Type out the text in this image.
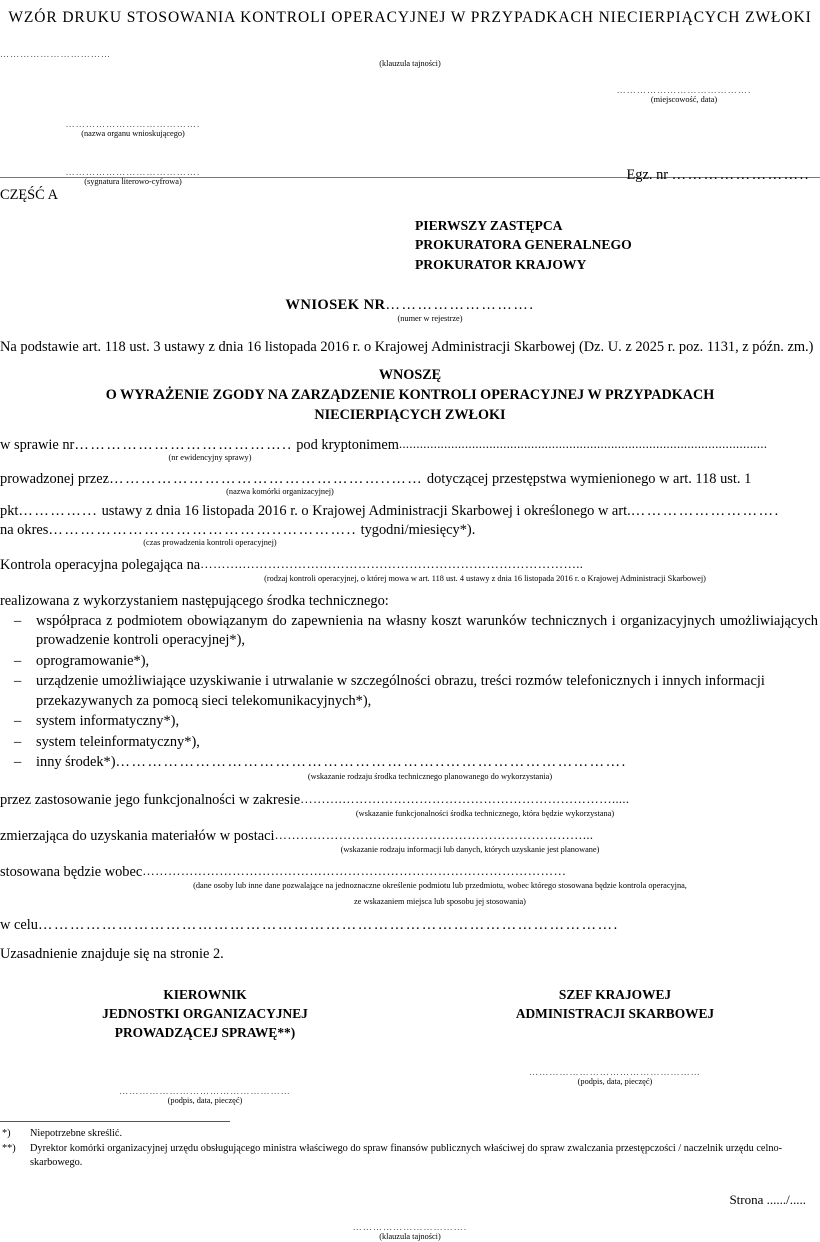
WZÓR DRUKU STOSOWANIA KONTROLI OPERACYJNEJ W PRZYPADKACH NIECIERPIĄCYCH ZWŁOKI
……………………………
(klauzula tajności)
………………………………….
(miejscowość, data)
………………………………….
(nazwa organu wnioskującego)
………………………………….
(sygnatura literowo-cyfrowa)	Egz. nr ……………………..
CZĘŚĆ A
PIERWSZY ZASTĘPCA
PROKURATORA GENERALNEGO
PROKURATOR KRAJOWY
WNIOSEK NR……………………….
(numer w rejestrze)
Na podstawie art. 118 ust. 3 ustawy z dnia 16 listopada 2016 r. o Krajowej Administracji Skarbowej (Dz. U. z 2025 r. poz. 1131, z późn. zm.)
WNOSZĘ
O WYRAŻENIE ZGODY NA ZARZĄDZENIE KONTROLI OPERACYJNEJ W PRZYPADKACH
NIECIERPIĄCYCH ZWŁOKI
w sprawie nr………………………………….. pod kryptonimem..........................................................................................................
(nr ewidencyjny sprawy)
prowadzonej przez……………………………………………..…… dotyczącej przestępstwa wymienionego w art. 118 ust. 1
(nazwa komórki organizacyjnej)
pkt…………... ustawy z dnia 16 listopada 2016 r. o Krajowej Administracji Skarbowej i określonego w art.……………………….
na okres……………………………………..………….. tygodni/miesięcy*).
(czas prowadzenia kontroli operacyjnej)
Kontrola operacyjna polegająca na……….……………………………………………………………………..
(rodzaj kontroli operacyjnej, o której mowa w art. 118 ust. 4 ustawy z dnia 16 listopada 2016 r. o Krajowej Administracji Skarbowej)
realizowana z wykorzystaniem następującego środka technicznego:
– współpraca z podmiotem obowiązanym do zapewnienia na własny koszt warunków technicznych i organizacyjnych umożliwiających prowadzenie kontroli operacyjnej*),
– oprogramowanie*),
– urządzenie umożliwiające uzyskiwanie i utrwalanie w szczególności obrazu, treści rozmów telefonicznych i innych informacji przekazywanych za pomocą sieci telekomunikacyjnych*),
– system informatyczny*),
– system teleinformatyczny*),
– inny środek*)……………………………………………………..…………………………….
(wskazanie rodzaju środka technicznego planowanego do wykorzystania)
przez zastosowanie jego funkcjonalności w zakresie……….……………………………………………………….....
(wskazanie funkcjonalności środka technicznego, która będzie wykorzystana)
zmierzająca do uzyskania materiałów w postaci………………………………………………………………...
(wskazanie rodzaju informacji lub danych, których uzyskanie jest planowane)
stosowana będzie wobec………………………………………………………………………………………
(dane osoby lub inne dane pozwalające na jednoznaczne określenie podmiotu lub przedmiotu, wobec którego stosowana będzie kontrola operacyjna,
ze wskazaniem miejsca lub sposobu jej stosowania)
w celu……………………………………………………………………………………………….
Uzasadnienie znajduje się na stronie 2.
KIEROWNIK
JEDNOSTKI ORGANIZACYJNEJ
PROWADZĄCEJ SPRAWĘ**)
……………………………………………
(podpis, data, pieczęć)
SZEF KRAJOWEJ
ADMINISTRACJI SKARBOWEJ
……………………………………………
(podpis, data, pieczęć)
*) Niepotrzebne skreślić.
**) Dyrektor komórki organizacyjnej urzędu obsługującego ministra właściwego do spraw finansów publicznych właściwej do spraw zwalczania przestępczości / naczelnik urzędu celno-skarbowego.
Strona ....../.....
…………………………….
(klauzula tajności)
